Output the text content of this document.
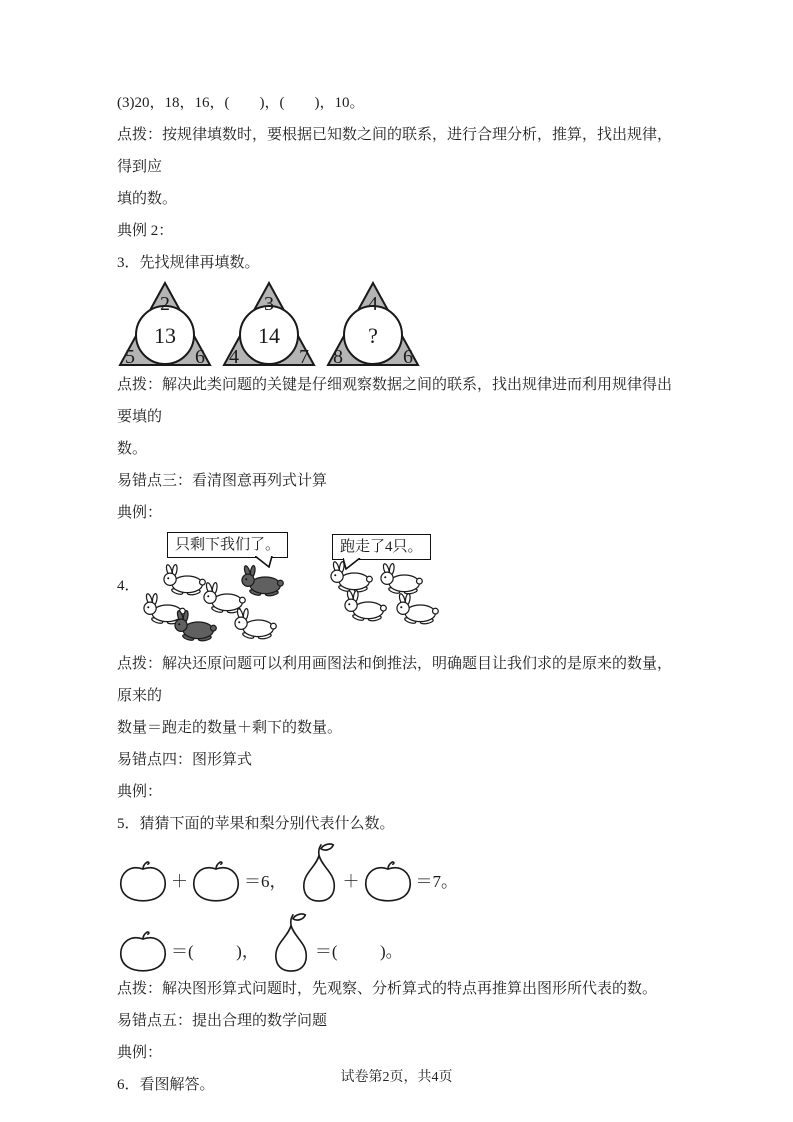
(3)20，18，16，(        )，(        )，10。

点拨：按规律填数时，要根据已知数之间的联系，进行合理分析，推算，找出规律，得到应

填的数。

典例 2：

3．先找规律再填数。

2
5	6
13
3
4	7
14
4
8	6
?

点拨：解决此类问题的关键是仔细观察数据之间的联系，找出规律进而利用规律得出要填的

数。

易错点三：看清图意再列式计算

典例：

4．
只剩下我们了。	跑走了4只。

点拨：解决还原问题可以利用画图法和倒推法，明确题目让我们求的是原来的数量，原来的

数量＝跑走的数量＋剩下的数量。

易错点四：图形算式

典例：

5．猜猜下面的苹果和梨分别代表什么数。

＋	＝6，	＋	＝7。
＝(          )，	＝(          )。

点拨：解决图形算式问题时，先观察、分析算式的特点再推算出图形所代表的数。

易错点五：提出合理的数学问题

典例：

6．看图解答。	试卷第2页，共4页
